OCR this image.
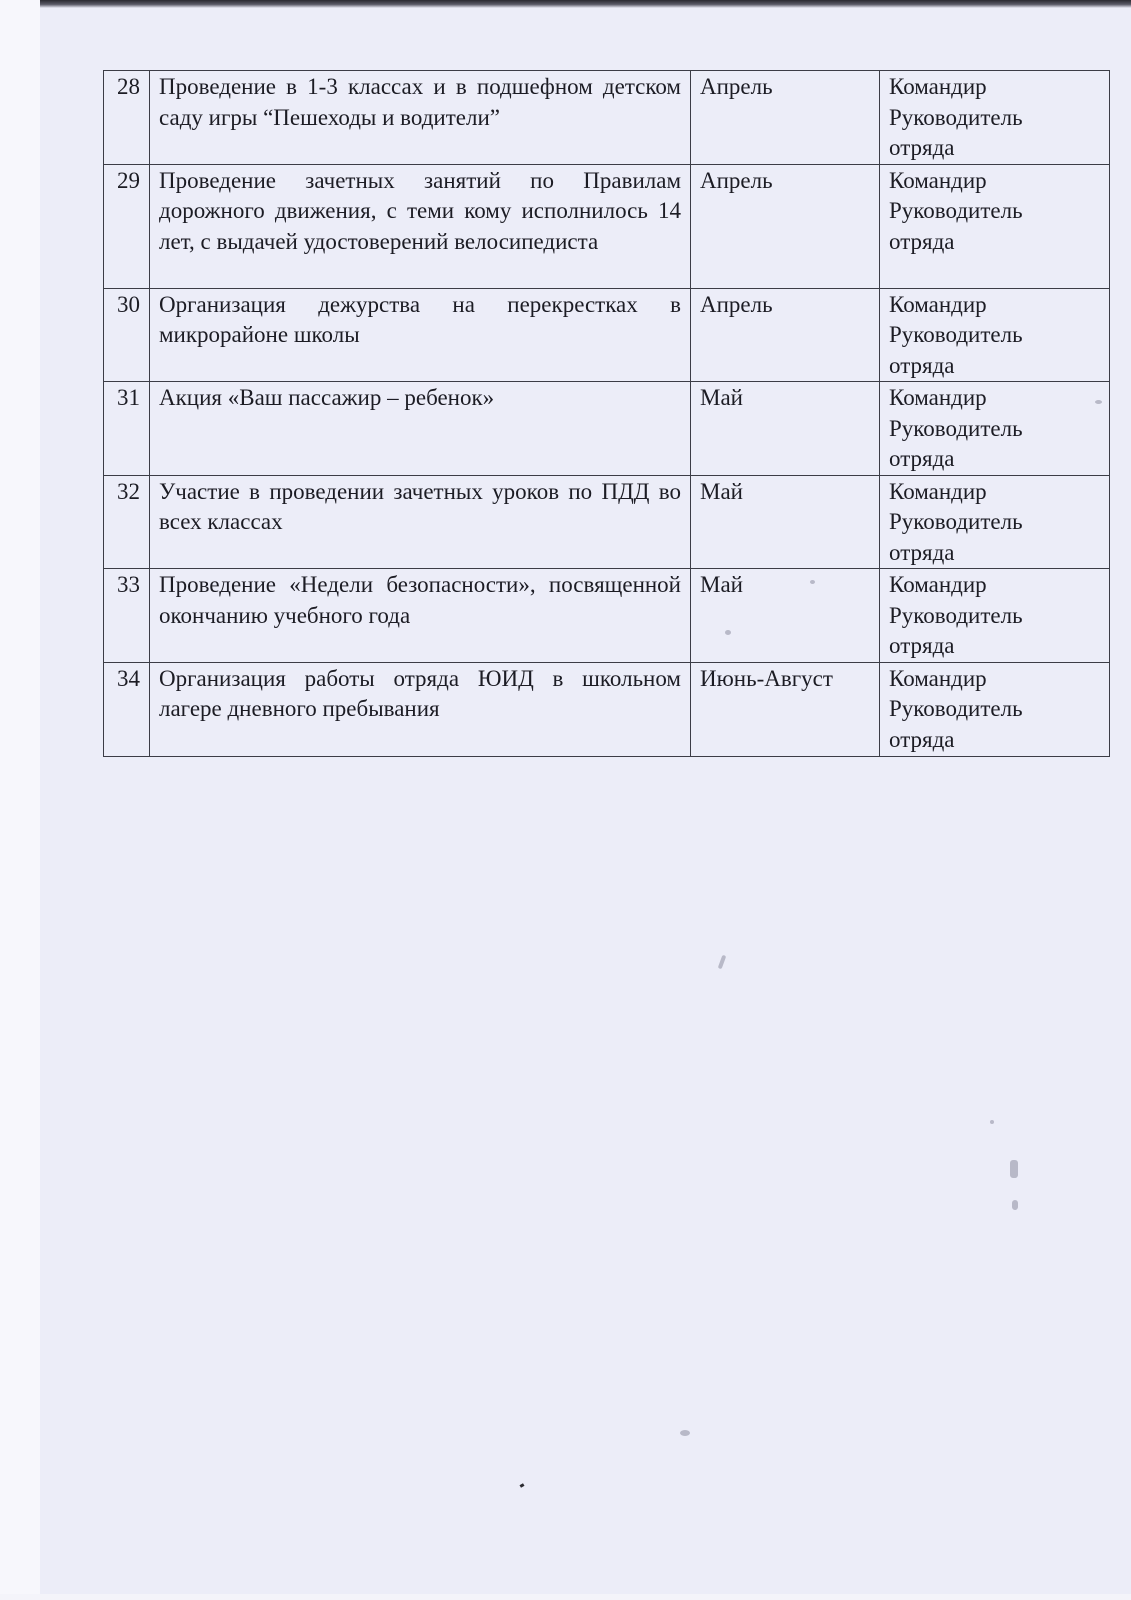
28	Проведение в 1-3 классах и в подшефном детском саду игры “Пешеходы и водители”	Апрель	Командир
Руководитель
отряда

29	Проведение зачетных занятий по Правилам дорожного движения, с теми кому исполнилось 14 лет, с выдачей удостоверений велосипедиста	Апрель	Командир
Руководитель
отряда

30	Организация дежурства на перекрестках в микрорайоне школы	Апрель	Командир
Руководитель
отряда

31	Акция «Ваш пассажир – ребенок»	Май	Командир
Руководитель
отряда

32	Участие в проведении зачетных уроков по ПДД во всех классах	Май	Командир
Руководитель
отряда

33	Проведение «Недели безопасности», посвященной окончанию учебного года	Май	Командир
Руководитель
отряда

34	Организация работы отряда ЮИД в школьном лагере дневного пребывания	Июнь-Август	Командир
Руководитель
отряда
